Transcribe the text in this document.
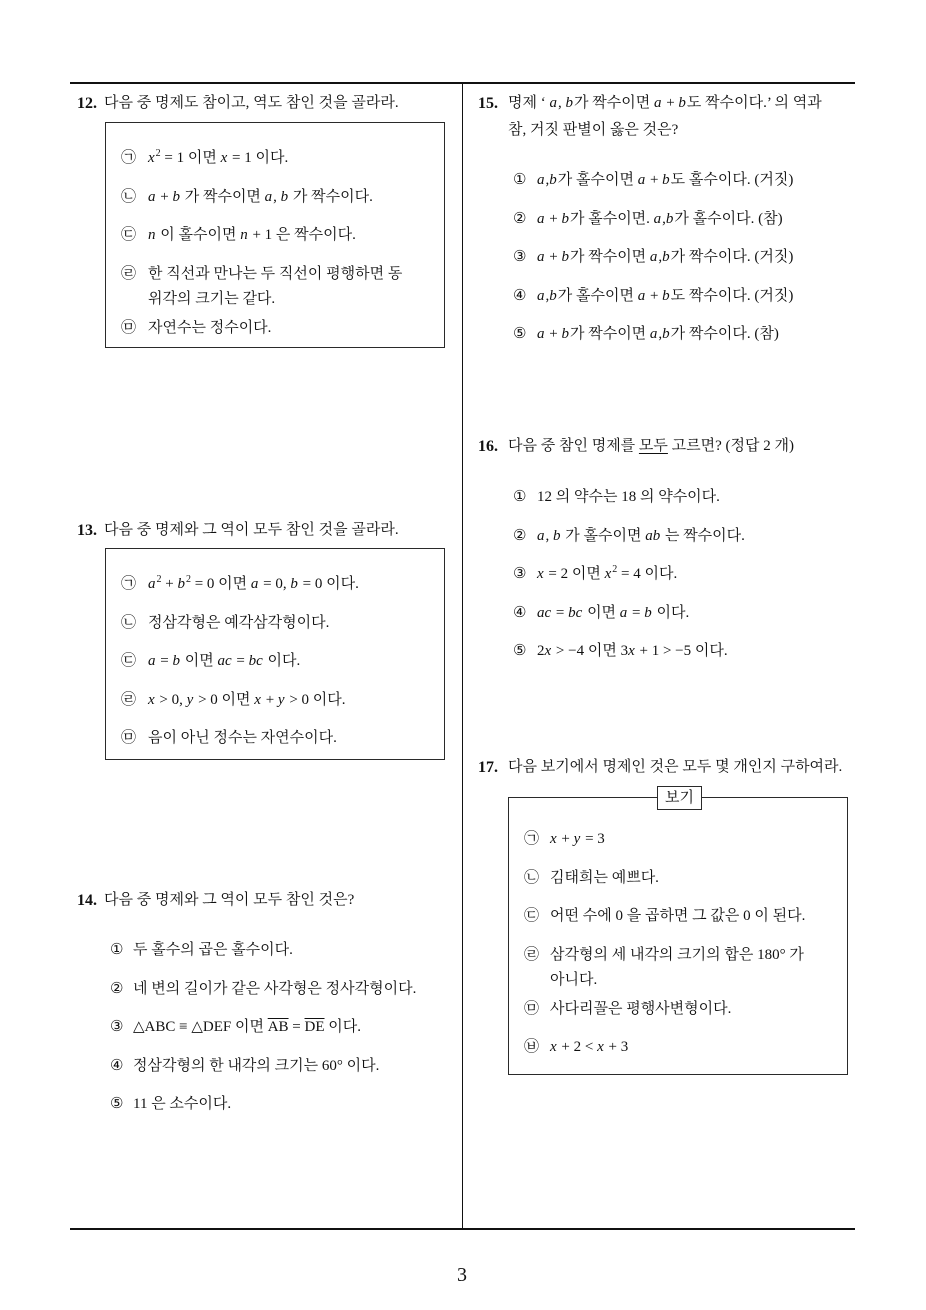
12. 다음 중 명제도 참이고, 역도 참인 것을 골라라.
㉠ $x^2 = 1$ 이면 x = 1 이다.
㉡ a + b 가 짝수이면 a, b 가 짝수이다.
㉢ n 이 홀수이면 n + 1 은 짝수이다.
㉣ 한 직선과 만나는 두 직선이 평행하면 동
위각의 크기는 같다.
㉤ 자연수는 정수이다.
13. 다음 중 명제와 그 역이 모두 참인 것을 골라라.
㉠ $a^2 + b^2 = 0$ 이면 a = 0, b = 0 이다.
㉡ 정삼각형은 예각삼각형이다.
㉢ a = b 이면 ac = bc 이다.
㉣ x > 0, y > 0 이면 x + y > 0 이다.
㉤ 음이 아닌 정수는 자연수이다.
14. 다음 중 명제와 그 역이 모두 참인 것은?
① 두 홀수의 곱은 홀수이다.
② 네 변의 길이가 같은 사각형은 정사각형이다.
③ △ABC ≡ △DEF 이면 $\overline{AB} = \overline{DE}$ 이다.
④ 정삼각형의 한 내각의 크기는 60° 이다.
⑤ 11 은 소수이다.
15. 명제 ‘ a, b가 짝수이면 a + b도 짝수이다.’ 의 역과
참, 거짓 판별이 옳은 것은?
① a,b가 홀수이면 a + b도 홀수이다. (거짓)
② a + b가 홀수이면. a,b가 홀수이다. (참)
③ a + b가 짝수이면 a,b가 짝수이다. (거짓)
④ a,b가 홀수이면 a + b도 짝수이다. (거짓)
⑤ a + b가 짝수이면 a,b가 짝수이다. (참)
16. 다음 중 참인 명제를 모두 고르면? (정답 2 개)
① 12 의 약수는 18 의 약수이다.
② a, b 가 홀수이면 ab 는 짝수이다.
③ x = 2 이면 $x^2 = 4$ 이다.
④ ac = bc 이면 a = b 이다.
⑤ 2x > −4 이면 3x + 1 > −5 이다.
17. 다음 보기에서 명제인 것은 모두 몇 개인지 구하여라.
보기
㉠ x + y = 3
㉡ 김태희는 예쁘다.
㉢ 어떤 수에 0 을 곱하면 그 값은 0 이 된다.
㉣ 삼각형의 세 내각의 크기의 합은 180° 가
아니다.
㉤ 사다리꼴은 평행사변형이다.
㉥ x + 2 < x + 3
3
